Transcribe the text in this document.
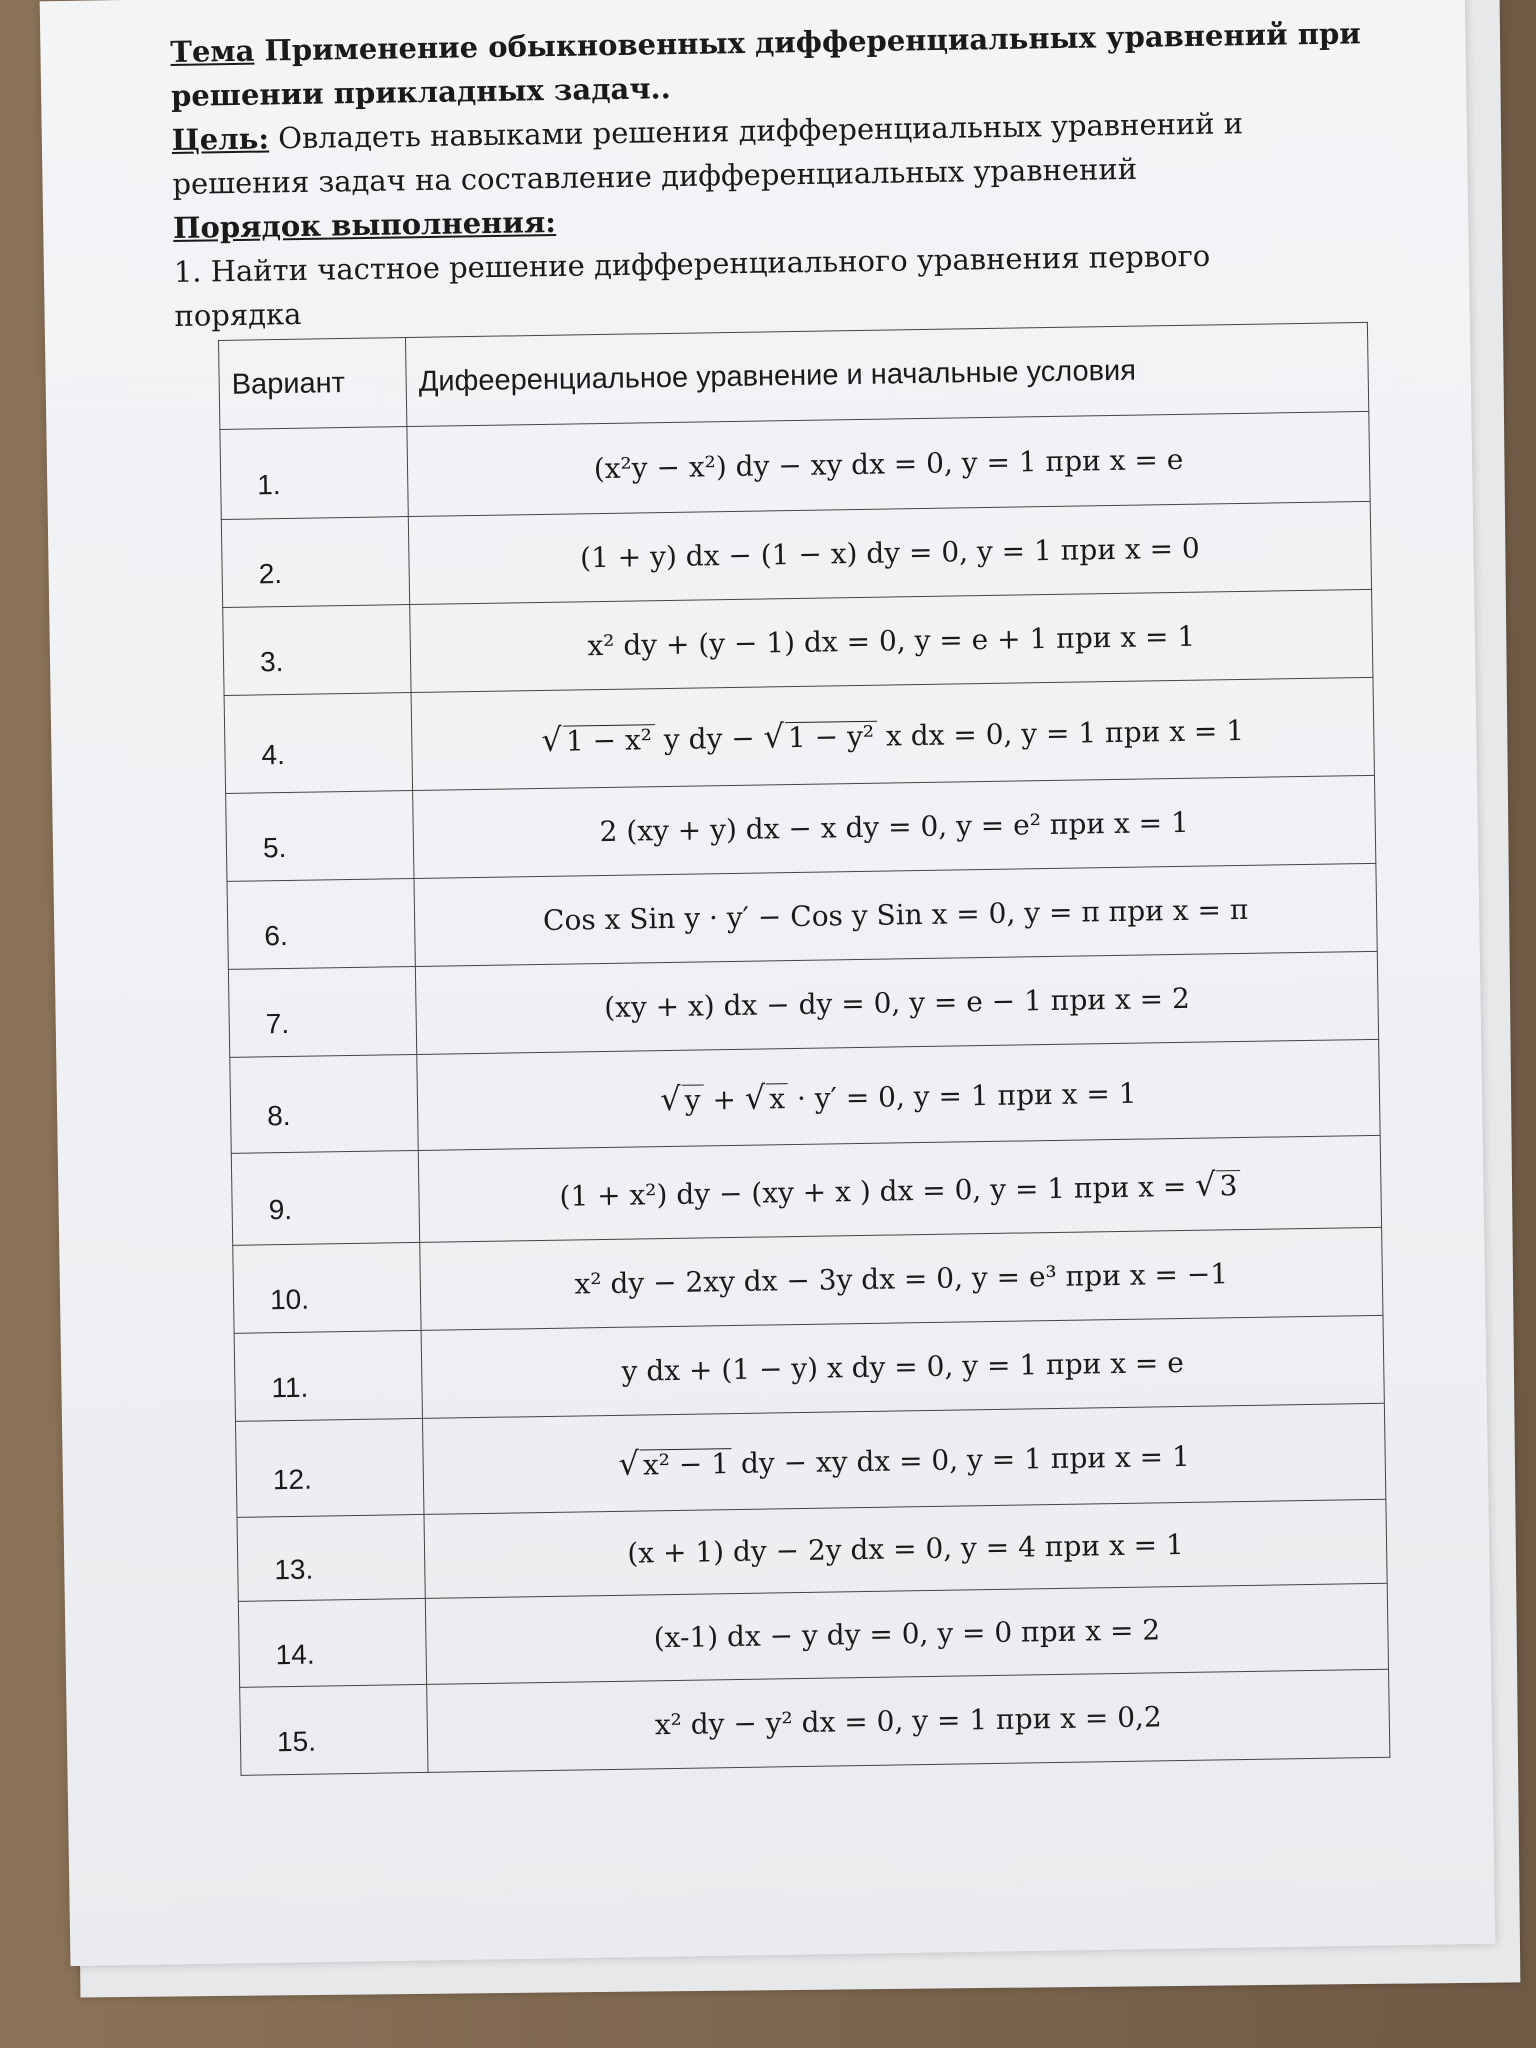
Тема Применение обыкновенных дифференциальных уравнений при
решении прикладных задач..
Цель: Овладеть навыками решения дифференциальных уравнений и
решения задач на составление дифференциальных уравнений
Порядок выполнения:
1. Найти частное решение дифференциального уравнения первого
порядка
Вариант	Дифееренциальное уравнение и начальные условия
1.	(x²y − x²) dy − xy dx = 0, y = 1 при x = e
2.	(1 + y) dx − (1 − x) dy = 0, y = 1 при x = 0
3.	x² dy + (y − 1) dx = 0, y = e + 1 при x = 1
4.	√ 1 − x² y dy − √ 1 − y² x dx = 0, y = 1 при x = 1
5.	2 (xy + y) dx − x dy = 0, y = e² при x = 1
6.	Cos x Sin y · y′ − Cos y Sin x = 0, y = π при x = π
7.	(xy + x) dx − dy = 0, y = e − 1 при x = 2
8.	√ y + √ x · y′ = 0, y = 1 при x = 1
9.	(1 + x²) dy − (xy + x ) dx = 0, y = 1 при x = √ 3
10.	x² dy − 2xy dx − 3y dx = 0, y = e³ при x = −1
11.	y dx + (1 − y) x dy = 0, y = 1 при x = e
12.	√ x² − 1 dy − xy dx = 0, y = 1 при x = 1
13.	(x + 1) dy − 2y dx = 0, y = 4 при x = 1
14.	(x-1) dx − y dy = 0, y = 0 при x = 2
15.	x² dy − y² dx = 0, y = 1 при x = 0,2
